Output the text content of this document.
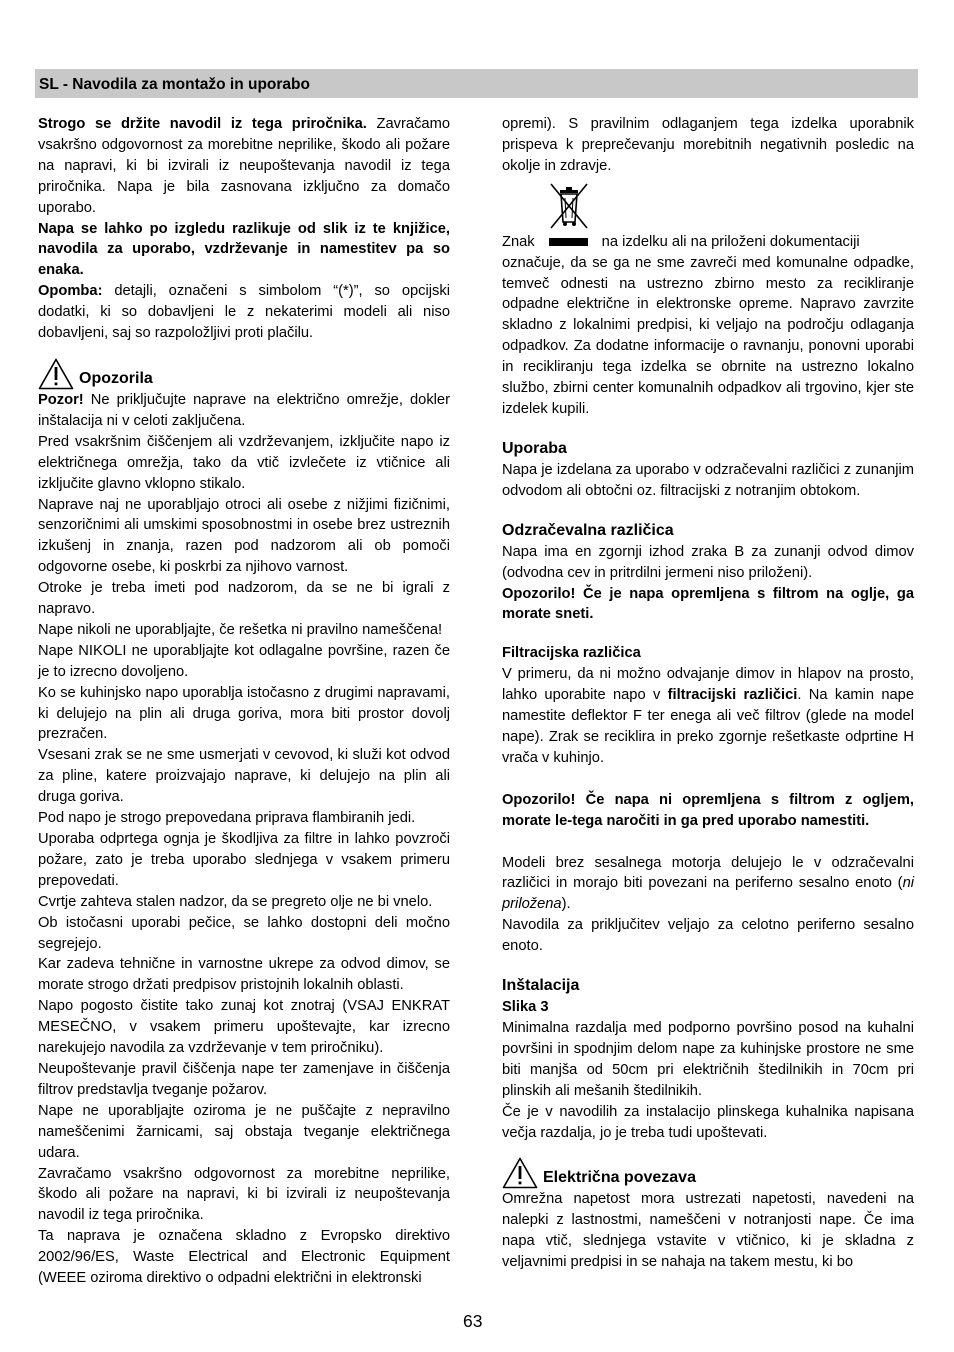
SL - Navodila za montažo in uporabo

Strogo se držite navodil iz tega priročnika. Zavračamo vsakršno odgovornost za morebitne neprilike, škodo ali požare na napravi, ki bi izvirali iz neupoštevanja navodil iz tega priročnika. Napa je bila zasnovana izključno za domačo uporabo.

Napa se lahko po izgledu razlikuje od slik iz te knjižice, navodila za uporabo, vzdrževanje in namestitev pa so enaka.

Opomba: detajli, označeni s simbolom “(*)”, so opcijski dodatki, ki so dobavljeni le z nekaterimi modeli ali niso dobavljeni, saj so razpoložljivi proti plačilu.

Opozorila

Pozor! Ne priključujte naprave na električno omrežje, dokler inštalacija ni v celoti zaključena.

Pred vsakršnim čiščenjem ali vzdrževanjem, izključite napo iz električnega omrežja, tako da vtič izvlečete iz vtičnice ali izključite glavno vklopno stikalo.

Naprave naj ne uporabljajo otroci ali osebe z nižjimi fizičnimi, senzoričnimi ali umskimi sposobnostmi in osebe brez ustreznih izkušenj in znanja, razen pod nadzorom ali ob pomoči odgovorne osebe, ki poskrbi za njihovo varnost.

Otroke je treba imeti pod nadzorom, da se ne bi igrali z napravo.

Nape nikoli ne uporabljajte, če rešetka ni pravilno nameščena!

Nape NIKOLI ne uporabljajte kot odlagalne površine, razen če je to izrecno dovoljeno.

Ko se kuhinjsko napo uporablja istočasno z drugimi napravami, ki delujejo na plin ali druga goriva, mora biti prostor dovolj prezračen.

Vsesani zrak se ne sme usmerjati v cevovod, ki služi kot odvod za pline, katere proizvajajo naprave, ki delujejo na plin ali druga goriva.

Pod napo je strogo prepovedana priprava flambiranih jedi.

Uporaba odprtega ognja je škodljiva za filtre in lahko povzroči požare, zato je treba uporabo slednjega v vsakem primeru prepovedati.

Cvrtje zahteva stalen nadzor, da se pregreto olje ne bi vnelo.

Ob istočasni uporabi pečice, se lahko dostopni deli močno segrejejo.

Kar zadeva tehnične in varnostne ukrepe za odvod dimov, se morate strogo držati predpisov pristojnih lokalnih oblasti.

Napo pogosto čistite tako zunaj kot znotraj (VSAJ ENKRAT MESEČNO, v vsakem primeru upoštevajte, kar izrecno narekujejo navodila za vzdrževanje v tem priročniku).

Neupoštevanje pravil čiščenja nape ter zamenjave in čiščenja filtrov predstavlja tveganje požarov.

Nape ne uporabljajte oziroma je ne puščajte z nepravilno nameščenimi žarnicami, saj obstaja tveganje električnega udara.

Zavračamo vsakršno odgovornost za morebitne neprilike, škodo ali požare na napravi, ki bi izvirali iz neupoštevanja navodil iz tega priročnika.

Ta naprava je označena skladno z Evropsko direktivo 2002/96/ES, Waste Electrical and Electronic Equipment (WEEE oziroma direktivo o odpadni električni in elektronski

opremi). S pravilnim odlaganjem tega izdelka uporabnik prispeva k preprečevanju morebitnih negativnih posledic na okolje in zdravje.

Znak	na izdelku ali na priloženi dokumentaciji

označuje, da se ga ne sme zavreči med komunalne odpadke, temveč odnesti na ustrezno zbirno mesto za recikliranje odpadne električne in elektronske opreme. Napravo zavrzite skladno z lokalnimi predpisi, ki veljajo na področju odlaganja odpadkov. Za dodatne informacije o ravnanju, ponovni uporabi in recikliranju tega izdelka se obrnite na ustrezno lokalno službo, zbirni center komunalnih odpadkov ali trgovino, kjer ste izdelek kupili.

Uporaba

Napa je izdelana za uporabo v odzračevalni različici z zunanjim odvodom ali obtočni oz. filtracijski z notranjim obtokom.

Odzračevalna različica

Napa ima en zgornji izhod zraka B za zunanji odvod dimov (odvodna cev in pritrdilni jermeni niso priloženi).

Opozorilo! Če je napa opremljena s filtrom na oglje, ga morate sneti.

Filtracijska različica

V primeru, da ni možno odvajanje dimov in hlapov na prosto, lahko uporabite napo v filtracijski različici. Na kamin nape namestite deflektor F ter enega ali več filtrov (glede na model nape). Zrak se reciklira in preko zgornje rešetkaste odprtine H vrača v kuhinjo.

Opozorilo! Če napa ni opremljena s filtrom z ogljem, morate le-tega naročiti in ga pred uporabo namestiti.

Modeli brez sesalnega motorja delujejo le v odzračevalni različici in morajo biti povezani na periferno sesalno enoto (ni priložena).

Navodila za priključitev veljajo za celotno periferno sesalno enoto.

Inštalacija
Slika 3

Minimalna razdalja med podporno površino posod na kuhalni površini in spodnjim delom nape za kuhinjske prostore ne sme biti manjša od 50cm pri električnih štedilnikih in 70cm pri plinskih ali mešanih štedilnikih.

Če je v navodilih za instalacijo plinskega kuhalnika napisana večja razdalja, jo je treba tudi upoštevati.

Električna povezava

Omrežna napetost mora ustrezati napetosti, navedeni na nalepki z lastnostmi, nameščeni v notranjosti nape. Če ima napa vtič, slednjega vstavite v vtičnico, ki je skladna z veljavnimi predpisi in se nahaja na takem mestu, ki bo

63
